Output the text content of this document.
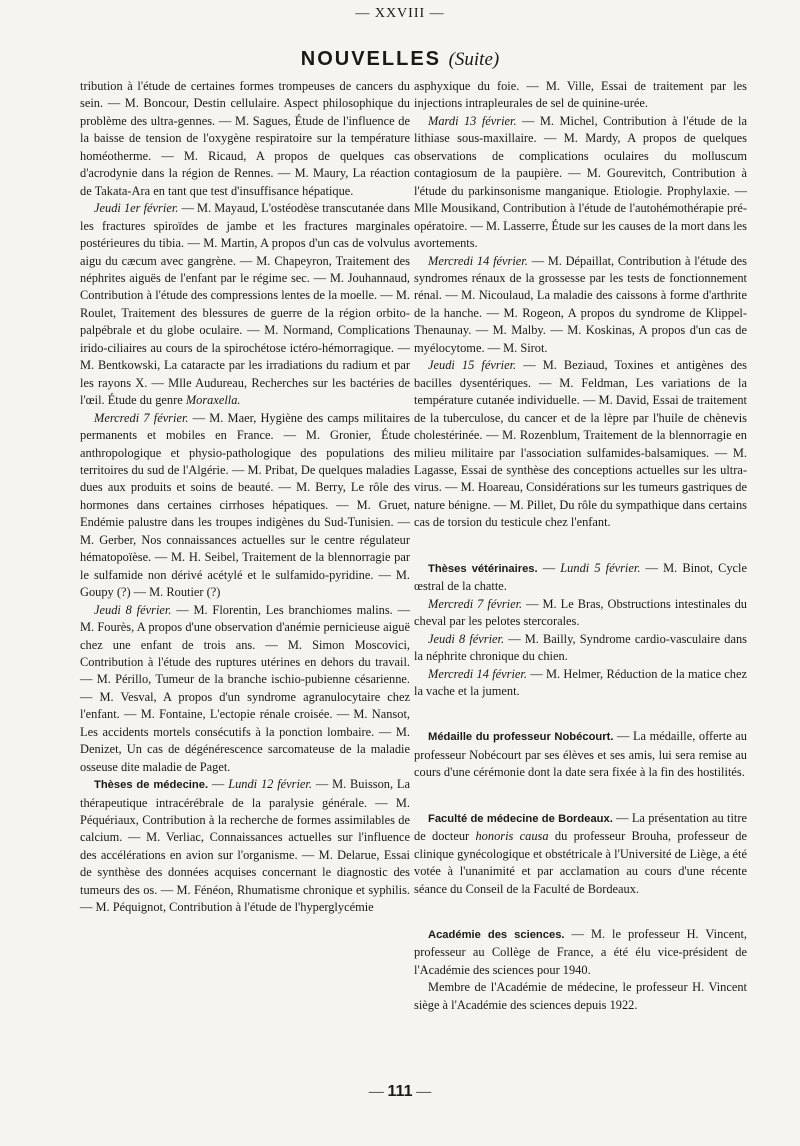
— XXVIII —
NOUVELLES (Suite)

tribution à l'étude de certaines formes trompeuses de cancers du sein. — M. Boncour, Destin cellulaire. Aspect philosophique du problème des ultra-gennes. — M. Sagues, Étude de l'influence de la baisse de tension de l'oxygène respiratoire sur la température homéotherme. — M. Ricaud, A propos de quelques cas d'acrodynie dans la région de Rennes. — M. Maury, La réaction de Takata-Ara en tant que test d'insuffisance hépatique.

Jeudi 1er février. — M. Mayaud, L'ostéodèse transcutanée dans les fractures spiroïdes de jambe et les fractures marginales postérieures du tibia. — M. Martin, A propos d'un cas de volvulus aigu du cæcum avec gangrène. — M. Chapeyron, Traitement des néphrites aiguës de l'enfant par le régime sec. — M. Jouhannaud, Contribution à l'étude des compressions lentes de la moelle. — M. Roulet, Traitement des blessures de guerre de la région orbito-palpébrale et du globe oculaire. — M. Normand, Complications irido-ciliaires au cours de la spirochétose ictéro-hémorragique. — M. Bentkowski, La cataracte par les irradiations du radium et par les rayons X. — Mlle Audureau, Recherches sur les bactéries de l'œil. Étude du genre Moraxella.

Mercredi 7 février. — M. Maer, Hygiène des camps militaires permanents et mobiles en France. — M. Gronier, Étude anthropologique et physio-pathologique des populations des territoires du sud de l'Algérie. — M. Pribat, De quelques maladies dues aux produits et soins de beauté. — M. Berry, Le rôle des hormones dans certaines cirrhoses hépatiques. — M. Gruet, Endémie palustre dans les troupes indigènes du Sud-Tunisien. — M. Gerber, Nos connaissances actuelles sur le centre régulateur hématopoïèse. — M. H. Seibel, Traitement de la blennorragie par le sulfamide non dérivé acétylé et le sulfamido-pyridine. — M. Goupy (?) — M. Routier (?)

Jeudi 8 février. — M. Florentin, Les branchiomes malins. — M. Fourès, A propos d'une observation d'anémie pernicieuse aiguë chez une enfant de trois ans. — M. Simon Moscovici, Contribution à l'étude des ruptures utérines en dehors du travail. — M. Périllo, Tumeur de la branche ischio-pubienne césarienne. — M. Vesval, A propos d'un syndrome agranulocytaire chez l'enfant. — M. Fontaine, L'ectopie rénale croisée. — M. Nansot, Les accidents mortels consécutifs à la ponction lombaire. — M. Denizet, Un cas de dégénérescence sarcomateuse de la maladie osseuse dite maladie de Paget.

Thèses de médecine. — Lundi 12 février. — M. Buisson, La thérapeutique intracérébrale de la paralysie générale. — M. Péquériaux, Contribution à la recherche de formes assimilables de calcium. — M. Verliac, Connaissances actuelles sur l'influence des accélérations en avion sur l'organisme. — M. Delarue, Essai de synthèse des données acquises concernant le diagnostic des tumeurs des os. — M. Fénéon, Rhumatisme chronique et syphilis. — M. Péquignot, Contribution à l'étude de l'hyperglycémie

asphyxique du foie. — M. Ville, Essai de traitement par les injections intrapleurales de sel de quinine-urée.

Mardi 13 février. — M. Michel, Contribution à l'étude de la lithiase sous-maxillaire. — M. Mardy, A propos de quelques observations de complications oculaires du molluscum contagiosum de la paupière. — M. Gourevitch, Contribution à l'étude du parkinsonisme manganique. Etiologie. Prophylaxie. — Mlle Mousikand, Contribution à l'étude de l'autohémothérapie pré-opératoire. — M. Lasserre, Étude sur les causes de la mort dans les avortements.

Mercredi 14 février. — M. Dépaillat, Contribution à l'étude des syndromes rénaux de la grossesse par les tests de fonctionnement rénal. — M. Nicoulaud, La maladie des caissons à forme d'arthrite de la hanche. — M. Rogeon, A propos du syndrome de Klippel-Thenaunay. — M. Malby. — M. Koskinas, A propos d'un cas de myélocytome. — M. Sirot.

Jeudi 15 février. — M. Beziaud, Toxines et antigènes des bacilles dysentériques. — M. Feldman, Les variations de la température cutanée individuelle. — M. David, Essai de traitement de la tuberculose, du cancer et de la lèpre par l'huile de chènevis cholestérinée. — M. Rozenblum, Traitement de la blennorragie en milieu militaire par l'association sulfamides-balsamiques. — M. Lagasse, Essai de synthèse des conceptions actuelles sur les ultra-virus. — M. Hoareau, Considérations sur les tumeurs gastriques de nature bénigne. — M. Pillet, Du rôle du sympathique dans certains cas de torsion du testicule chez l'enfant.

Thèses vétérinaires. — Lundi 5 février. — M. Binot, Cycle œstral de la chatte.

Mercredi 7 février. — M. Le Bras, Obstructions intestinales du cheval par les pelotes stercorales.

Jeudi 8 février. — M. Bailly, Syndrome cardio-vasculaire dans la néphrite chronique du chien.

Mercredi 14 février. — M. Helmer, Réduction de la matice chez la vache et la jument.

Médaille du professeur Nobécourt. — La médaille, offerte au professeur Nobécourt par ses élèves et ses amis, lui sera remise au cours d'une cérémonie dont la date sera fixée à la fin des hostilités.

Faculté de médecine de Bordeaux. — La présentation au titre de docteur honoris causa du professeur Brouha, professeur de clinique gynécologique et obstétricale à l'Université de Liège, a été votée à l'unanimité et par acclamation au cours d'une récente séance du Conseil de la Faculté de Bordeaux.

Académie des sciences. — M. le professeur H. Vincent, professeur au Collège de France, a été élu vice-président de l'Académie des sciences pour 1940.

Membre de l'Académie de médecine, le professeur H. Vincent siège à l'Académie des sciences depuis 1922.

— 111 —
